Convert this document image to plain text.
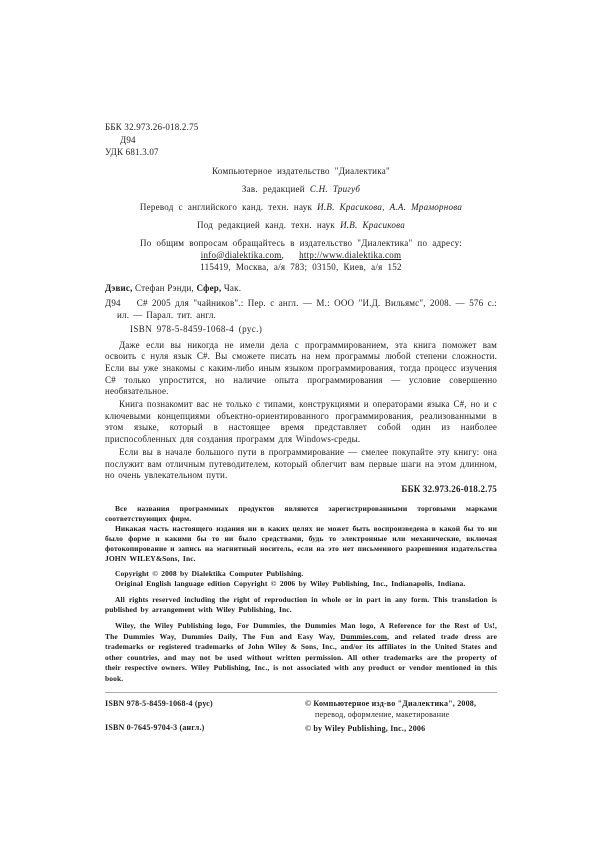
ББК 32.973.26-018.2.75
Д94
УДК 681.3.07
Компьютерное издательство "Диалектика"
Зав. редакцией С.Н. Тригуб
Перевод с английского канд. техн. наук И.В. Красикова, А.А. Мраморнова
Под редакцией канд. техн. наук И.В. Красикова
По общим вопросам обращайтесь в издательство "Диалектика" по адресу:
info@dialektika.com, http://www.dialektika.com
115419, Москва, а/я 783; 03150, Киев, а/я 152

Дэвис, Стефан Рэнди, Сфер, Чак.

Д94 C# 2005 для "чайников".: Пер. с англ. — М.: ООО "И.Д. Вильямс", 2008. — 576 с.: ил. — Парал. тит. англ.

ISBN 978-5-8459-1068-4 (рус.)

Даже если вы никогда не имели дела с программированием, эта книга поможет вам освоить с нуля язык C#. Вы сможете писать на нем программы любой степени сложности. Если вы уже знакомы с каким-либо иным языком программирования, тогда процесс изучения C# только упростится, но наличие опыта программирования — условие совершенно необязательное.

Книга познакомит вас не только с типами, конструкциями и операторами языка C#, но и с ключевыми концепциями объектно-ориентированного программирования, реализованными в этом языке, который в настоящее время представляет собой один из наиболее приспособленных для создания программ для Windows-среды.

Если вы в начале большого пути в программирование — смелее покупайте эту книгу: она послужит вам отличным путеводителем, который облегчит вам первые шаги на этом длинном, но очень увлекательном пути.

ББК 32.973.26-018.2.75

Все названия программных продуктов являются зарегистрированными торговыми марками соответствующих фирм.

Никакая часть настоящего издания ни в каких целях не может быть воспроизведена в какой бы то ни было форме и какими бы то ни было средствами, будь то электронные или механические, включая фотокопирование и запись на магнитный носитель, если на это нет письменного разрешения издательства JOHN WILEY&Sons, Inc.

Copyright © 2008 by Dialektika Computer Publishing.

Original English language edition Copyright © 2006 by Wiley Publishing, Inc., Indianapolis, Indiana.

All rights reserved including the right of reproduction in whole or in part in any form. This translation is published by arrangement with Wiley Publishing, Inc.

Wiley, the Wiley Publishing logo, For Dummies, the Dummies Man logo, A Reference for the Rest of Us!, The Dummies Way, Dummies Daily, The Fun and Easy Way, Dummies.com, and related trade dress are trademarks or registered trademarks of John Wiley & Sons, Inc., and/or its affiliates in the United States and other countries, and may not be used without written permission. All other trademarks are the property of their respective owners. Wiley Publishing, Inc., is not associated with any product or vendor mentioned in this book.

ISBN 978-5-8459-1068-4 (рус)
ISBN 0-7645-9704-3 (англ.)
© Компьютерное изд-во "Диалектика", 2008,
перевод, оформление, макетирование
© by Wiley Publishing, Inc., 2006
